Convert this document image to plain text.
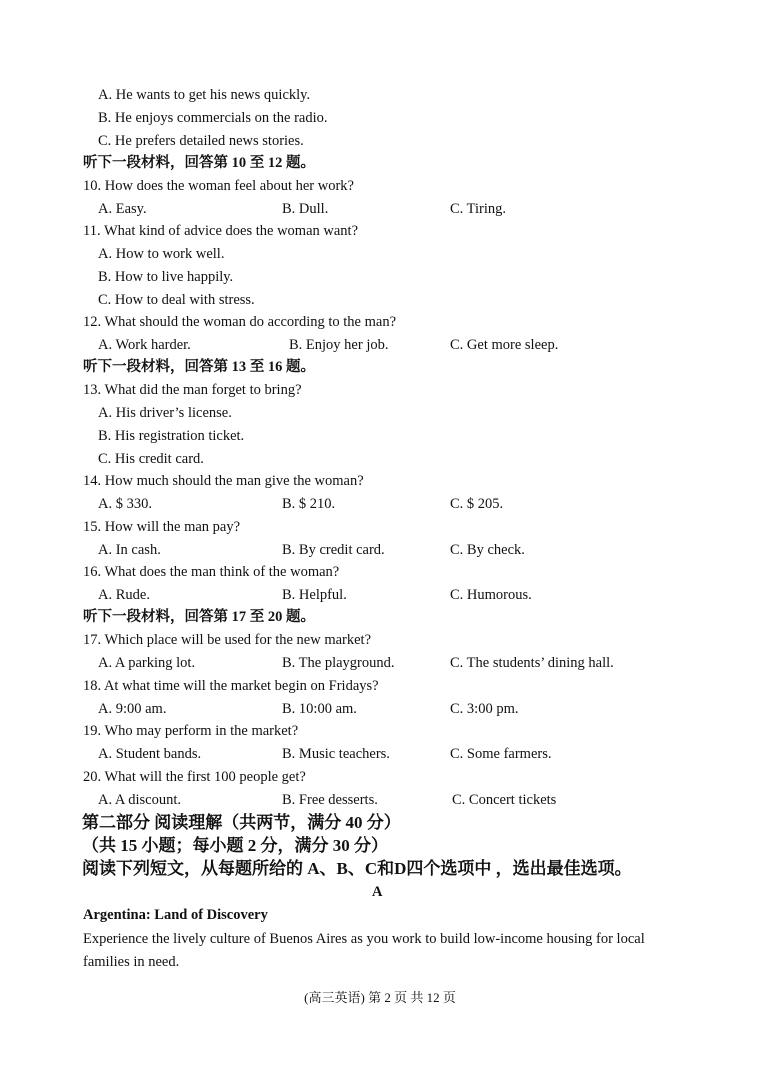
A. He wants to get his news quickly.
B. He enjoys commercials on the radio.
C. He prefers detailed news stories.
听下一段材料，回答第 10 至 12 题。
10. How does the woman feel about her work?
A. Easy.	B. Dull.	C. Tiring.
11. What kind of advice does the woman want?
A. How to work well.
B. How to live happily.
C. How to deal with stress.
12. What should the woman do according to the man?
A. Work harder.	B. Enjoy her job.	C. Get more sleep.
听下一段材料，回答第 13 至 16 题。
13. What did the man forget to bring?
A. His driver’s license.
B. His registration ticket.
C. His credit card.
14. How much should the man give the woman?
A. $ 330.	B. $ 210.	C. $ 205.
15. How will the man pay?
A. In cash.	B. By credit card.	C. By check.
16. What does the man think of the woman?
A. Rude.	B. Helpful.	C. Humorous.
听下一段材料，回答第 17 至 20 题。
17. Which place will be used for the new market?
A. A parking lot.	B. The playground.	C. The students’ dining hall.
18. At what time will the market begin on Fridays?
A. 9:00 am.	B. 10:00 am.	C. 3:00 pm.
19. Who may perform in the market?
A. Student bands.	B. Music teachers.	C. Some farmers.
20. What will the first 100 people get?
A. A discount.	B. Free desserts.	C. Concert tickets
第二部分 阅读理解（共两节，满分 40 分）
（共 15 小题；每小题 2 分，满分 30 分）
阅读下列短文，从每题所给的 A、B、C和D四个选项中 ，选出最佳选项。
A
Argentina: Land of Discovery
Experience the lively culture of Buenos Aires as you work to build low-income housing for local
families in need.
(高三英语) 第 2 页 共 12 页
